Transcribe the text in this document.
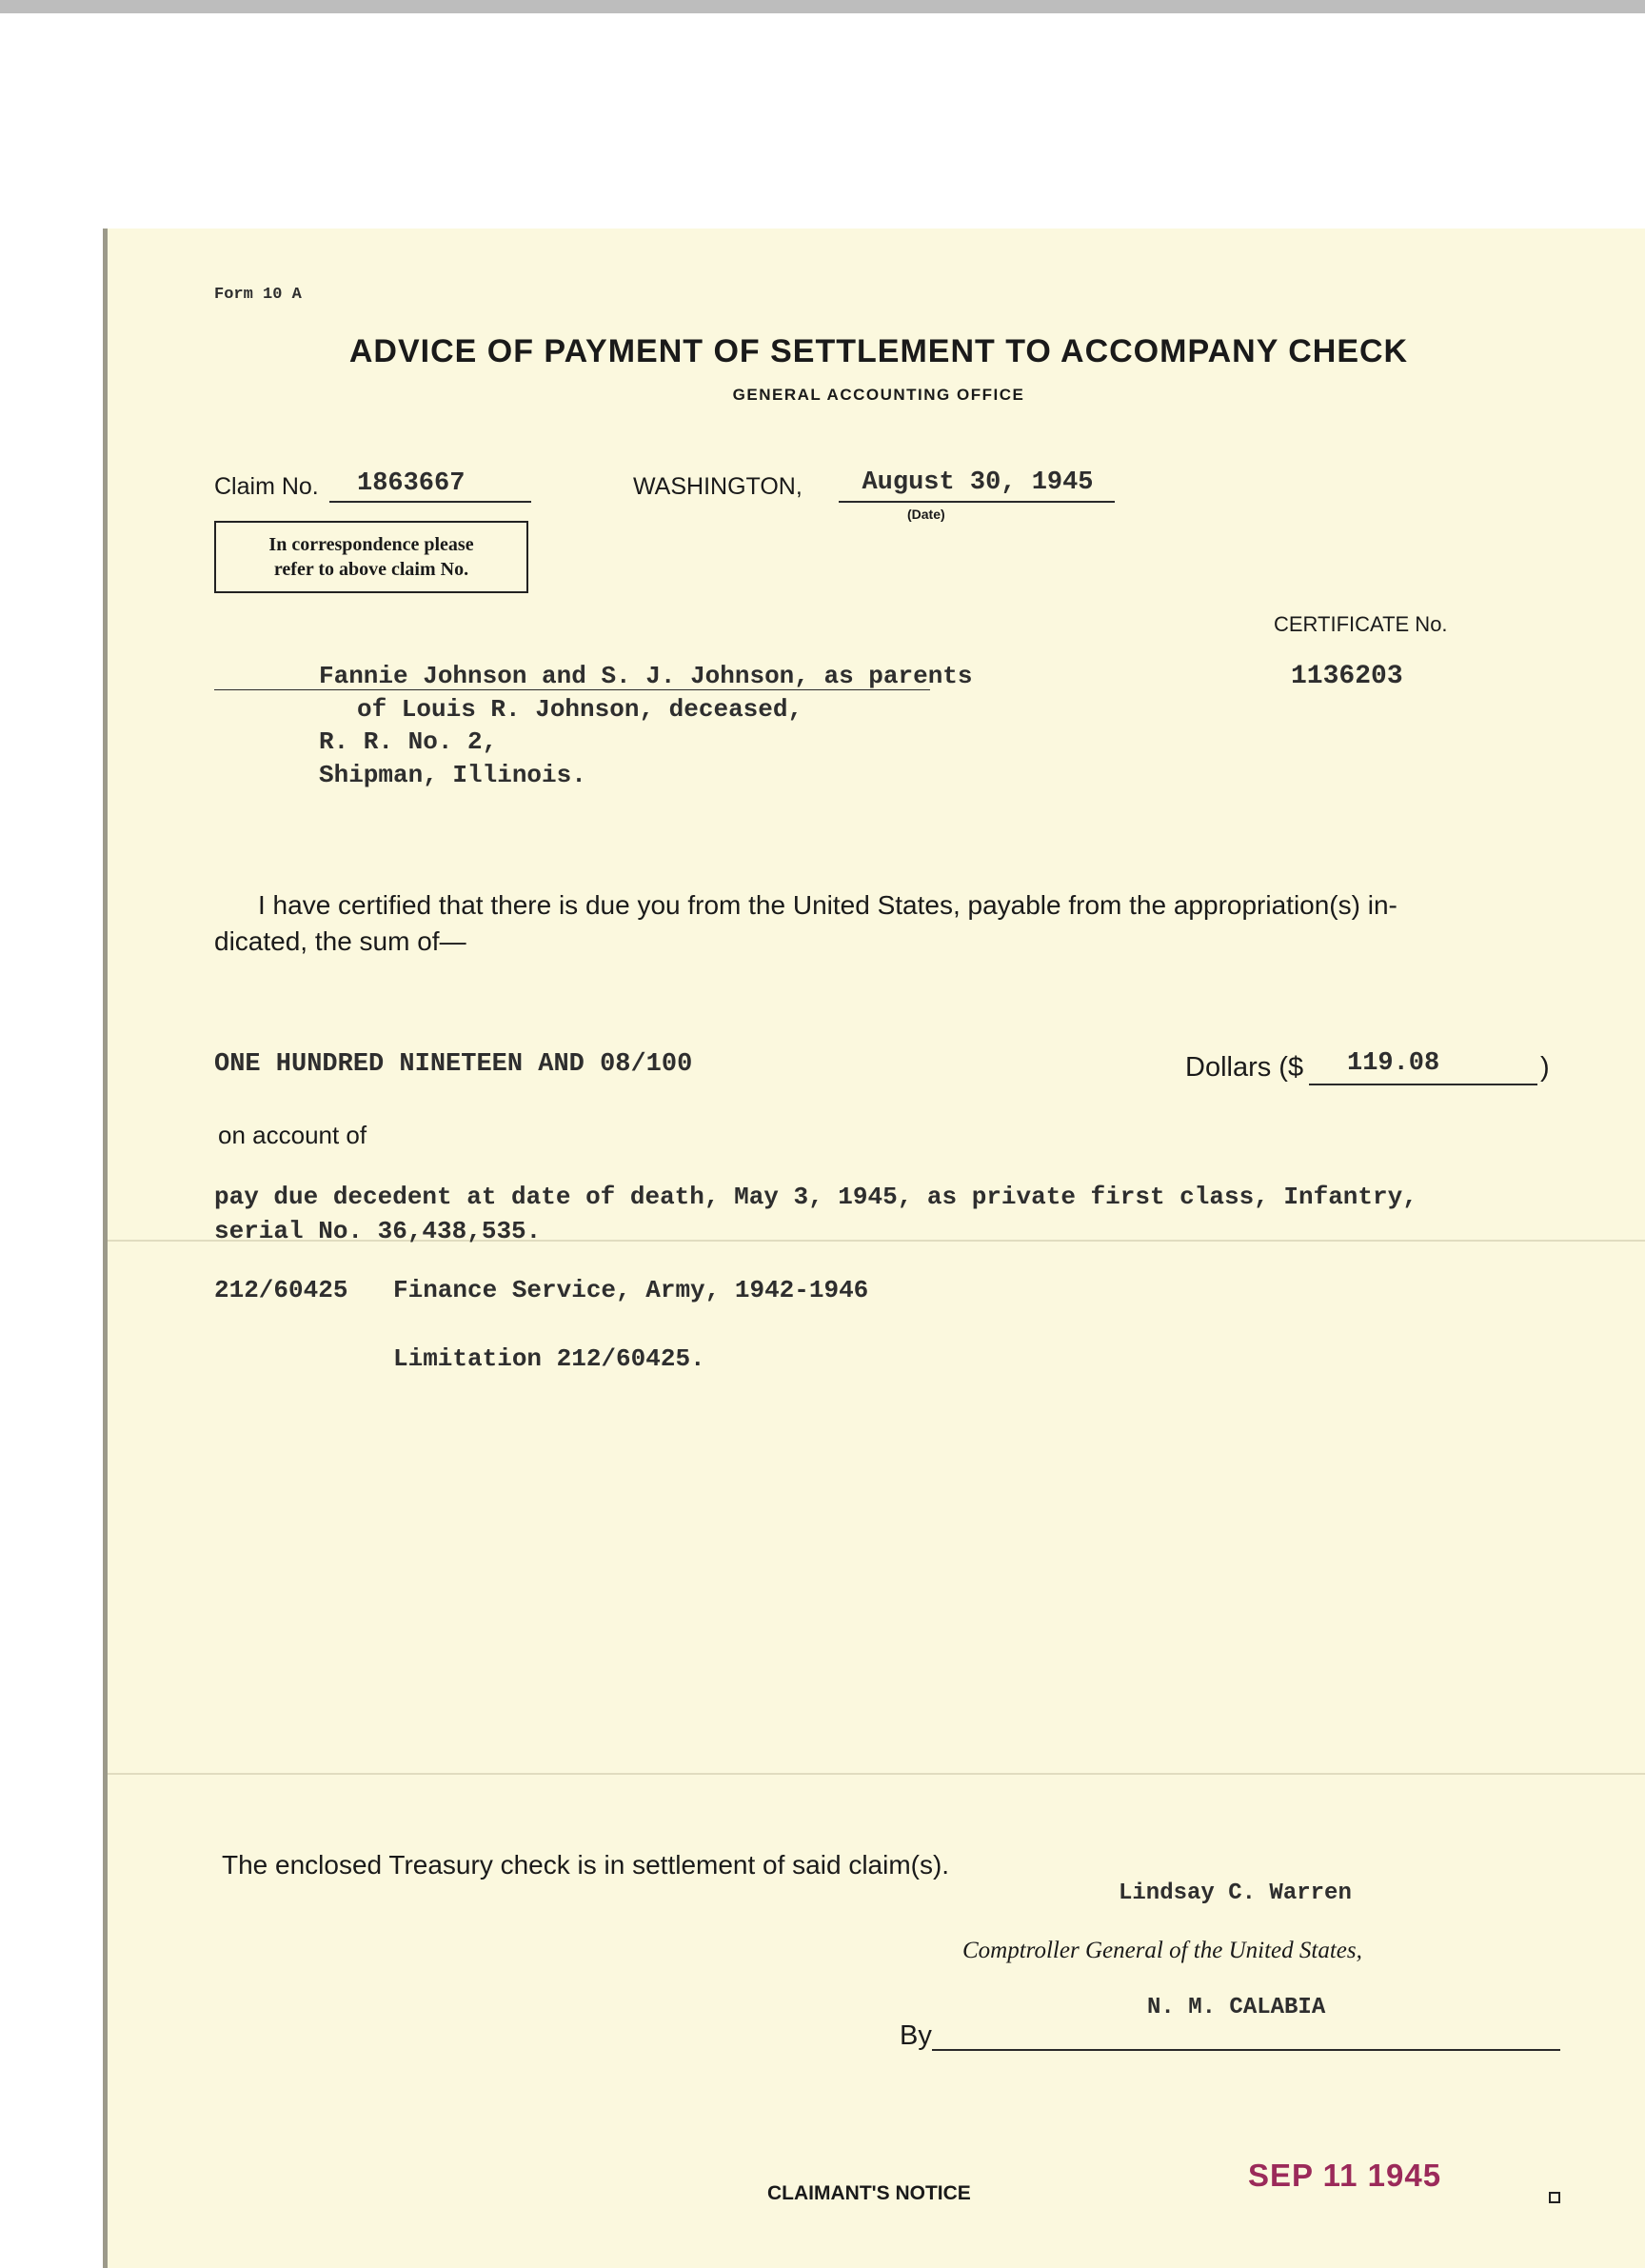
Form 10 A
ADVICE OF PAYMENT OF SETTLEMENT TO ACCOMPANY CHECK
GENERAL ACCOUNTING OFFICE
Claim No. 1863667	WASHINGTON,	August 30, 1945
(Date)
In correspondence please
refer to above claim No.
CERTIFICATE No.
1136203
Fannie Johnson and S. J. Johnson, as parents
of Louis R. Johnson, deceased,
R. R. No. 2,
Shipman, Illinois.
I have certified that there is due you from the United States, payable from the appropriation(s) in-
dicated, the sum of—
ONE HUNDRED NINETEEN AND 08/100	Dollars ($ 119.08	)
on account of
pay due decedent at date of death, May 3, 1945, as private first class, Infantry,
serial No. 36,438,535.
212/60425 Finance Service, Army, 1942-1946
Limitation 212/60425.
The enclosed Treasury check is in settlement of said claim(s).
Lindsay C. Warren
Comptroller General of the United States,
N. M. CALABIA
By
CLAIMANT'S NOTICE
SEP 11 1945
